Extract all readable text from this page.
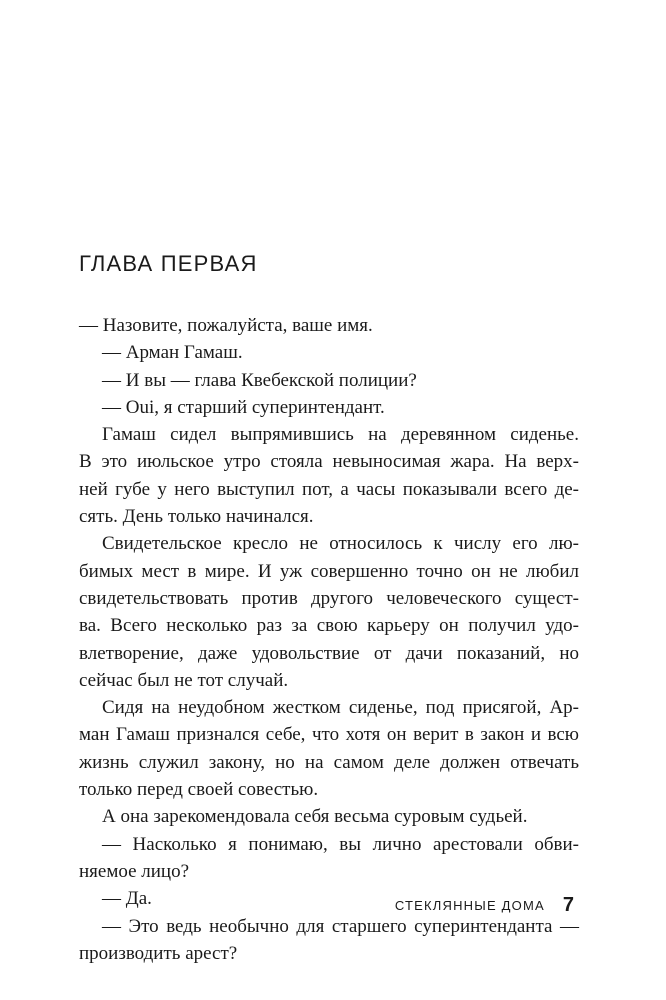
ГЛАВА ПЕРВАЯ
— Назовите, пожалуйста, ваше имя.
— Арман Гамаш.
— И вы — глава Квебекской полиции?
— Oui, я старший суперинтендант.
Гамаш сидел выпрямившись на деревянном сиденье.
В это июльское утро стояла невыносимая жара. На верх-
ней губе у него выступил пот, а часы показывали всего де-
сять. День только начинался.
Свидетельское кресло не относилось к числу его лю-
бимых мест в мире. И уж совершенно точно он не любил
свидетельствовать против другого человеческого сущест-
ва. Всего несколько раз за свою карьеру он получил удо-
влетворение, даже удовольствие от дачи показаний, но
сейчас был не тот случай.
Сидя на неудобном жестком сиденье, под присягой, Ар-
ман Гамаш признался себе, что хотя он верит в закон и всю
жизнь служил закону, но на самом деле должен отвечать
только перед своей совестью.
А она зарекомендовала себя весьма суровым судьей.
— Насколько я понимаю, вы лично арестовали обви-
няемое лицо?
— Да.
— Это ведь необычно для старшего суперинтенданта —
производить арест?
СТЕКЛЯННЫЕ ДОМА 7
